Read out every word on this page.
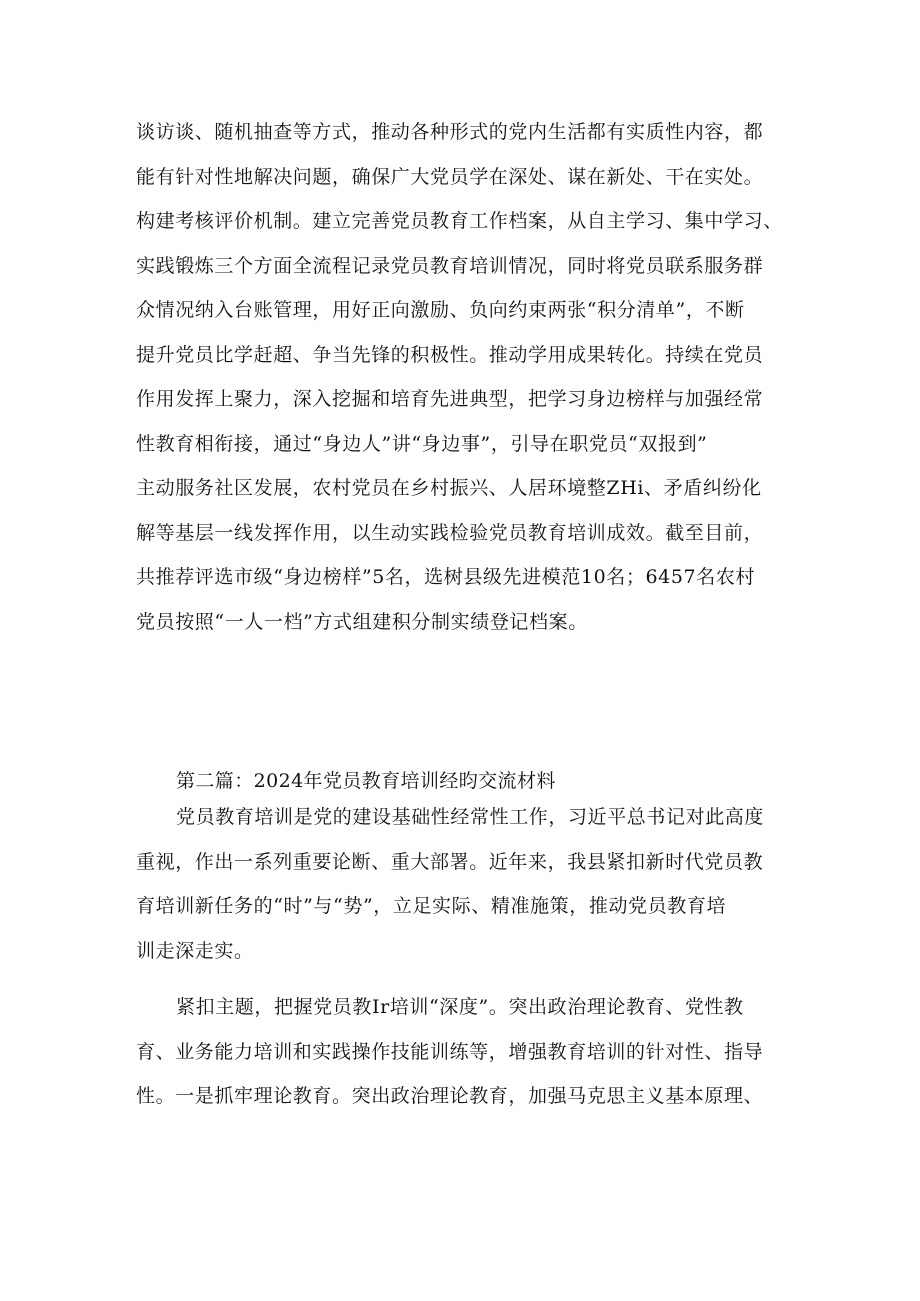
谈访谈、随机抽查等方式，推动各种形式的党内生活都有实质性内容，都
能有针对性地解决问题，确保广大党员学在深处、谋在新处、干在实处。
构建考核评价机制。建立完善党员教育工作档案，从自主学习、集中学习、
实践锻炼三个方面全流程记录党员教育培训情况，同时将党员联系服务群
众情况纳入台账管理，用好正向激励、负向约束两张“积分清单”，不断
提升党员比学赶超、争当先锋的积极性。推动学用成果转化。持续在党员
作用发挥上聚力，深入挖掘和培育先进典型，把学习身边榜样与加强经常
性教育相衔接，通过“身边人”讲“身边事”，引导在职党员“双报到”
主动服务社区发展，农村党员在乡村振兴、人居环境整ZHi、矛盾纠纷化
解等基层一线发挥作用，以生动实践检验党员教育培训成效。截至目前，
共推荐评选市级“身边榜样”5名，选树县级先进模范10名；6457名农村
党员按照“一人一档”方式组建积分制实绩登记档案。
第二篇：2024年党员教育培训经昀交流材料
党员教育培训是党的建设基础性经常性工作，习近平总书记对此高度
重视，作出一系列重要论断、重大部署。近年来，我县紧扣新时代党员教
育培训新任务的“时”与“势”，立足实际、精准施策，推动党员教育培
训走深走实。
紧扣主题，把握党员教Ir培训“深度”。突出政治理论教育、党性教
育、业务能力培训和实践操作技能训练等，增强教育培训的针对性、指导
性。一是抓牢理论教育。突出政治理论教育，加强马克思主义基本原理、
